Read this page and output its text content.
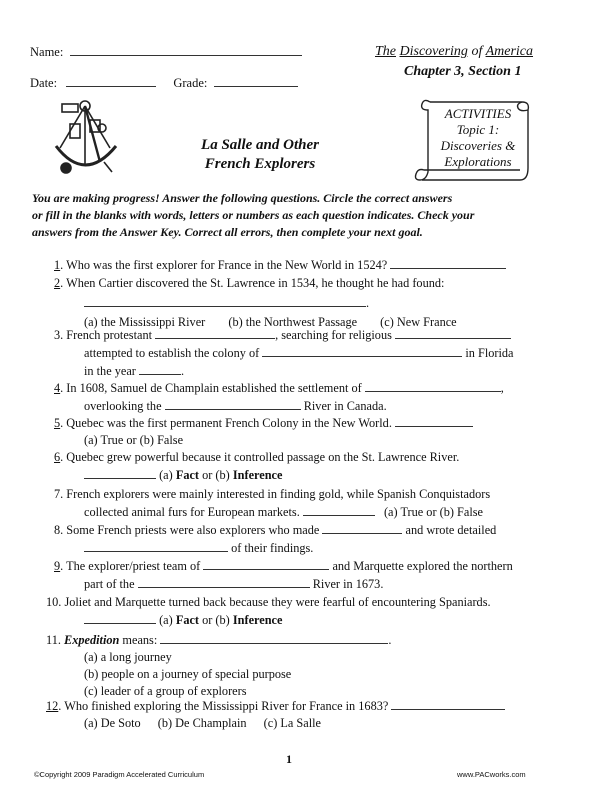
Name:
Date:	Grade:
The Discovering of America
Chapter 3, Section 1
La Salle and Other
French Explorers
ACTIVITIES
Topic 1:
Discoveries &
Explorations
You are making progress! Answer the following questions. Circle the correct answers
or fill in the blanks with words, letters or numbers as each question indicates. Check your
answers from the Answer Key. Correct all errors, then complete your next goal.
1. Who was the first explorer for France in the New World in 1524?
2. When Cartier discovered the St. Lawrence in 1534, he thought he had found:
.
(a) the Mississippi River (b) the Northwest Passage (c) New France
3. French protestant	, searching for religious
attempted to establish the colony of	in Florida
in the year	.
4. In 1608, Samuel de Champlain established the settlement of	,
overlooking the	River in Canada.
5. Quebec was the first permanent French Colony in the New World.
(a) True or (b) False
6. Quebec grew powerful because it controlled passage on the St. Lawrence River.
(a) Fact or (b) Inference
7. French explorers were mainly interested in finding gold, while Spanish Conquistadors
collected animal furs for European markets.	(a) True or (b) False
8. Some French priests were also explorers who made	and wrote detailed
of their findings.
9. The explorer/priest team of	and Marquette explored the northern
part of the	River in 1673.
10. Joliet and Marquette turned back because they were fearful of encountering Spaniards.
(a) Fact or (b) Inference
11. Expedition means:	.
(a) a long journey
(b) people on a journey of special purpose
(c) leader of a group of explorers
12. Who finished exploring the Mississippi River for France in 1683?
(a) De Soto (b) De Champlain (c) La Salle
1
©Copyright 2009 Paradigm Accelerated Curriculum	www.PACworks.com
